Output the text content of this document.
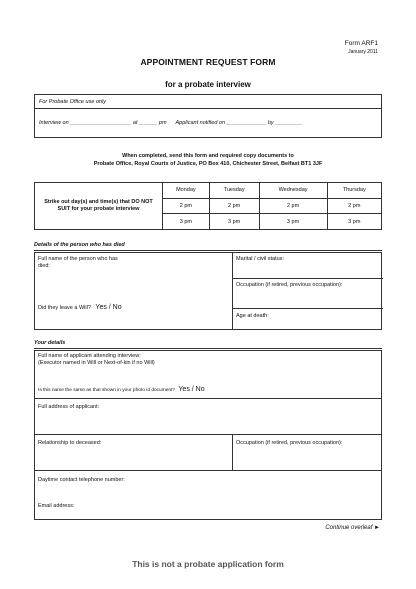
Form ARF1
January 2011
APPOINTMENT REQUEST FORM
for a probate interview
For Probate Office use only
Interview on ____________________ at ______ pm      Applicant notified on _____________ by _________
When completed, send this form and required copy documents to
Probate Office, Royal Courts of Justice, PO Box 410, Chichester Street, Belfast BT1 3JF
Strike out day(s) and time(s) that DO NOT SUIT for your probate interview	Monday	Tuesday	Wednesday	Thursday
	2 pm	2 pm	2 pm	2 pm
	3 pm	3 pm	3 pm	3 pm
Details of the person who has died
Full name of the person who has died:
Did they leave a Will? Yes / No
Marital / civil status:
Occupation (if retired, previous occupation):
Age at death:
Your details
Full name of applicant attending interview:
(Executor named in Will or Next-of-kin if no Will)
Is this name the same as that shown in your photo id document? Yes / No
Full address of applicant:
Relationship to deceased:	Occupation (if retired, previous occupation):
Daytime contact telephone number:
Email address:
Continue overleaf ►
This is not a probate application form
